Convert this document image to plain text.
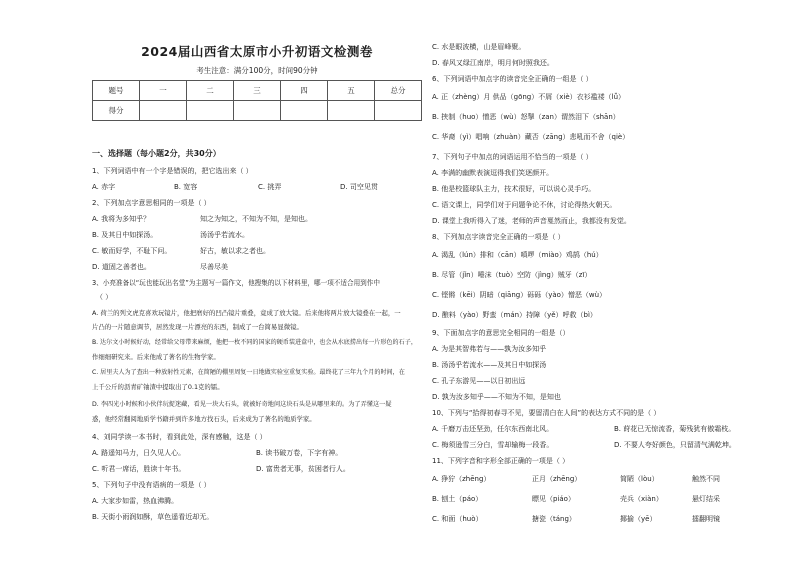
2024届山西省太原市小升初语文检测卷
考生注意：满分100分，时间90分钟
题号	一	二	三	四	五	总分
得分						
一、选择题（每小题2分，共30分）
1、下列词语中有一个字是错误的，把它选出来（ ）
A. 赤字	B. 宽容	C. 挑弄	D. 司空见贯
2、下列加点字意思相同的一项是（ ）
A. 我将为多知乎？	知之为知之，不知为不知，是知也。
B. 及其日中如探汤。	汤汤乎若流水。
C. 敏而好学，不耻下问。	好古，敏以求之者也。
D. 道固之善者也。	尽善尽美
3、小亮准备以“玩也能玩出名堂”为主题写一篇作文，他搜集的以下材料里，哪一项不适合用到作中
（ ）
A. 荷兰的列文虎克喜欢玩镜片，他把磨好的凹凸镜片重叠，竟成了放大镜。后来他将两片放大镜叠在一起，一
片凸的一片随意调节，居然发现一片漂亮的东西，制成了一台简易显微镜。
B. 达尔文小时候好动，经常给父母带来麻烦，他把一枚不同的国家的硬币装进盒中，也会从水底捞出每一片形色的石子，
作细细研究来。后来他成了著名的生物学家。
C. 居里夫人为了查出一种放射性元素，在简陋的棚里周复一日地做实验室重复实验。最终花了三年九个月的时间，在
上千公斤的沥青矿铀渣中提取出了0.1克的镭。
D. 李四光小时候和小伙伴玩捉迷藏，看见一块大石头，就被好奇地问这块石头是从哪里来的。为了弄懂这一疑
惑，他经常翻阅地质学书籍并到许多地方找石头，后来成为了著名的地质学家。
4、刘同学读一本书时，看到此处，深有感触，这是（ ）
A. 路遥知马力，日久见人心。	B. 读书破万卷，下字有神。
C. 听君一席话，胜读十年书。	D. 富贵者无事，贫困者行人。
5、下列句子中没有语病的一项是（ ）
A. 大家步如雷，热血沸腾。
B. 天街小雨润如酥，草色遥看近却无。
C. 水是眼波横，山是眉峰聚。
D. 春风又绿江南岸，明月何时照我还。
6、下列词语中加点字的读音完全正确的一组是（ ）
A. 正（zhèng）月 供品（gōng）不屑（xiè）衣衫褴褛（lǚ）
B. 挟制（huo）憎恶（wù）怒掣（zan）谓然泪下（shān）
C. 华裔（yì）唱响（zhuàn）藏否（zāng）悲吼而不舍（qiè）
7、下列句子中加点的词语运用不恰当的一项是（ ）
A. 李满的幽默表演逗得我们笑逐颜开。
B. 他是校篮球队主力，技术很好，可以说心灵手巧。
C. 语文课上，同学们对于问题争论不休，讨论得热火朝天。
D. 课堂上我听得入了迷，老师的声音戛然而止，我都没有发觉。
8、下列加点字读音完全正确的一项是（ ）
A. 渴乱（lún）排和（cān）嗔啰（miào）鸡鹄（hú）
B. 尽管（jǐn）唾沫（tuò）空防（jìng）贼牙（zī）
C. 铿锵（kēi）阴暗（qiāng）砾砾（yào）憎恶（wù）
D. 酿料（yào）野蛮（mán）持障（yě）呼救（bì）
9、下面加点字的意思完全相同的一组是（）
A. 为是其智弗若与——孰为汝多知乎
B. 汤汤乎若流水——及其日中如探汤
C. 孔子东游见——以日初出远
D. 孰为汝多知乎——不知为不知，是知也
10、下列与“拾得初春寻不见，要留清白在人间”的表达方式不同的是（ ）
A. 千磨万击还坚劲，任尔东西南北风。	B. 莳花已无惊流香，菊残犹有傲霜枝。
C. 梅须逊雪三分白，雪却输梅一段香。	D. 不要人夸好颜色，只留清气满乾坤。
11、下列字音和字形全部正确的一项是（ ）
A. 狰狞（zhēng）	正月（zhēng）	简陋（lòu）	触然不同
B. 刨土（páo）	瞟见（piáo）	壳兵（xiàn）	悬灯结采
C. 和面（huò）	搪瓷（táng）	揶揄（yē）	擂翻明镜
